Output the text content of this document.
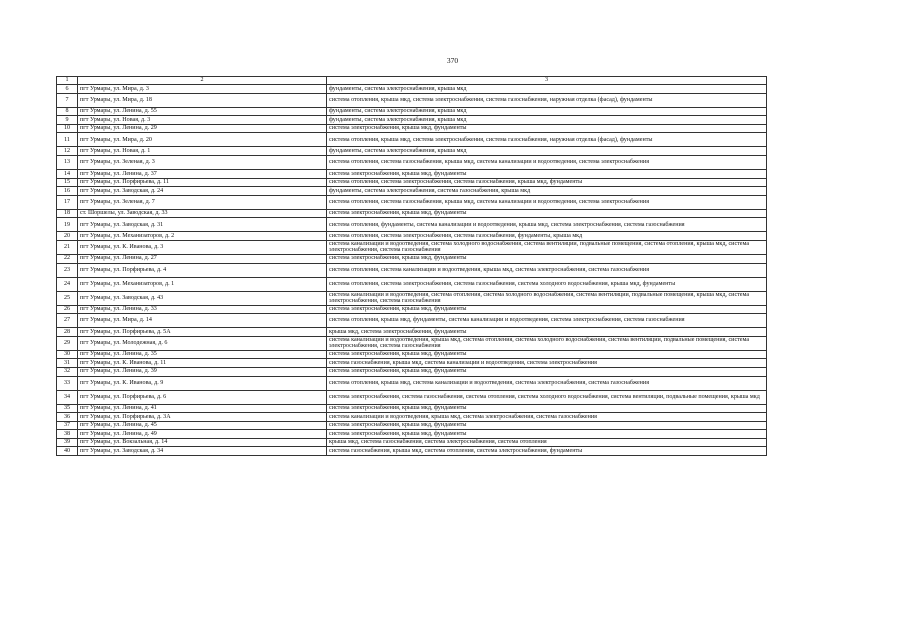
370
1	2	3
6	пгт Урмары, ул. Мира, д. 3	фундаменты, система электроснабжения, крыша мкд
7	пгт Урмары, ул. Мира, д. 18	система отопления, крыша мкд, система электроснабжения, система газоснабжения, наружная отделка (фасад), фундаменты
8	пгт Урмары, ул. Ленина, д. 55	фундаменты, система электроснабжения, крыша мкд
9	пгт Урмары, ул. Новая, д. 3	фундаменты, система электроснабжения, крыша мкд
10	пгт Урмары, ул. Ленина, д. 29	система электроснабжения, крыша мкд, фундаменты
11	пгт Урмары, ул. Мира, д. 20	система отопления, крыша мкд, система электроснабжения, система газоснабжения, наружная отделка (фасад), фундаменты
12	пгт Урмары, ул. Новая, д. 1	фундаменты, система электроснабжения, крыша мкд
13	пгт Урмары, ул. Зеленая, д. 3	система отопления, система газоснабжения, крыша мкд, система канализации и водоотведения, система электроснабжения
14	пгт Урмары, ул. Ленина, д. 37	система электроснабжения, крыша мкд, фундаменты
15	пгт Урмары, ул. Порфирьева, д. 11	система отопления, система электроснабжения, система газоснабжения, крыша мкд, фундаменты
16	пгт Урмары, ул. Заводская, д. 24	фундаменты, система электроснабжения, система газоснабжения, крыша мкд
17	пгт Урмары, ул. Зеленая, д. 7	система отопления, система газоснабжения, крыша мкд, система канализации и водоотведения, система электроснабжения
18	ст. Шоршелы, ул. Заводская, д. 33	система электроснабжения, крыша мкд, фундаменты
19	пгт Урмары, ул. Заводская, д. 31	система отопления, фундаменты, система канализации и водоотведения, крыша мкд, система электроснабжения, система газоснабжения
20	пгт Урмары, ул. Механизаторов, д. 2	система отопления, система электроснабжения, система газоснабжения, фундаменты, крыша мкд
21	пгт Урмары, ул. К. Иванова, д. 3	система канализации и водоотведения, система холодного водоснабжения, система вентиляции, подвальные помещения, система отопления, крыша мкд, система электроснабжения, система газоснабжения
22	пгт Урмары, ул. Ленина, д. 27	система электроснабжения, крыша мкд, фундаменты
23	пгт Урмары, ул. Порфирьева, д. 4	система отопления, система канализации и водоотведения, крыша мкд, система электроснабжения, система газоснабжения
24	пгт Урмары, ул. Механизаторов, д. 1	система отопления, система электроснабжения, система газоснабжения, система холодного водоснабжения, крыша мкд, фундаменты
25	пгт Урмары, ул. Заводская, д. 43	система канализации и водоотведения, система отопления, система холодного водоснабжения, система вентиляции, подвальные помещения, крыша мкд, система электроснабжения, система газоснабжения
26	пгт Урмары, ул. Ленина, д. 33	система электроснабжения, крыша мкд, фундаменты
27	пгт Урмары, ул. Мира, д. 14	система отопления, крыша мкд, фундаменты, система канализации и водоотведения, система электроснабжения, система газоснабжения
28	пгт Урмары, ул. Порфирьева, д. 5А	крыша мкд, система электроснабжения, фундаменты
29	пгт Урмары, ул. Молодежная, д. 6	система канализации и водоотведения, крыша мкд, система отопления, система холодного водоснабжения, система вентиляции, подвальные помещения, система электроснабжения, система газоснабжения
30	пгт Урмары, ул. Ленина, д. 35	система электроснабжения, крыша мкд, фундаменты
31	пгт Урмары, ул. К. Иванова, д. 11	система газоснабжения, крыша мкд, система канализации и водоотведения, система электроснабжения
32	пгт Урмары, ул. Ленина, д. 39	система электроснабжения, крыша мкд, фундаменты
33	пгт Урмары, ул. К. Иванова, д. 9	система отопления, крыша мкд, система канализации и водоотведения, система электроснабжения, система газоснабжения
34	пгт Урмары, ул. Порфирьева, д. 6	система электроснабжения, система газоснабжения, система отопления, система холодного водоснабжения, система вентиляции, подвальные помещения, крыша мкд
35	пгт Урмары, ул. Ленина, д. 41	система электроснабжения, крыша мкд, фундаменты
36	пгт Урмары, ул. Порфирьева, д. 3А	система канализации и водоотведения, крыша мкд, система электроснабжения, система газоснабжения
37	пгт Урмары, ул. Ленина, д. 45	система электроснабжения, крыша мкд, фундаменты
38	пгт Урмары, ул. Ленина, д. 49	система электроснабжения, крыша мкд, фундаменты
39	пгт Урмары, ул. Вокзальная, д. 14	крыша мкд, система газоснабжения, система электроснабжения, система отопления
40	пгт Урмары, ул. Заводская, д. 34	система газоснабжения, крыша мкд, система отопления, система электроснабжения, фундаменты
